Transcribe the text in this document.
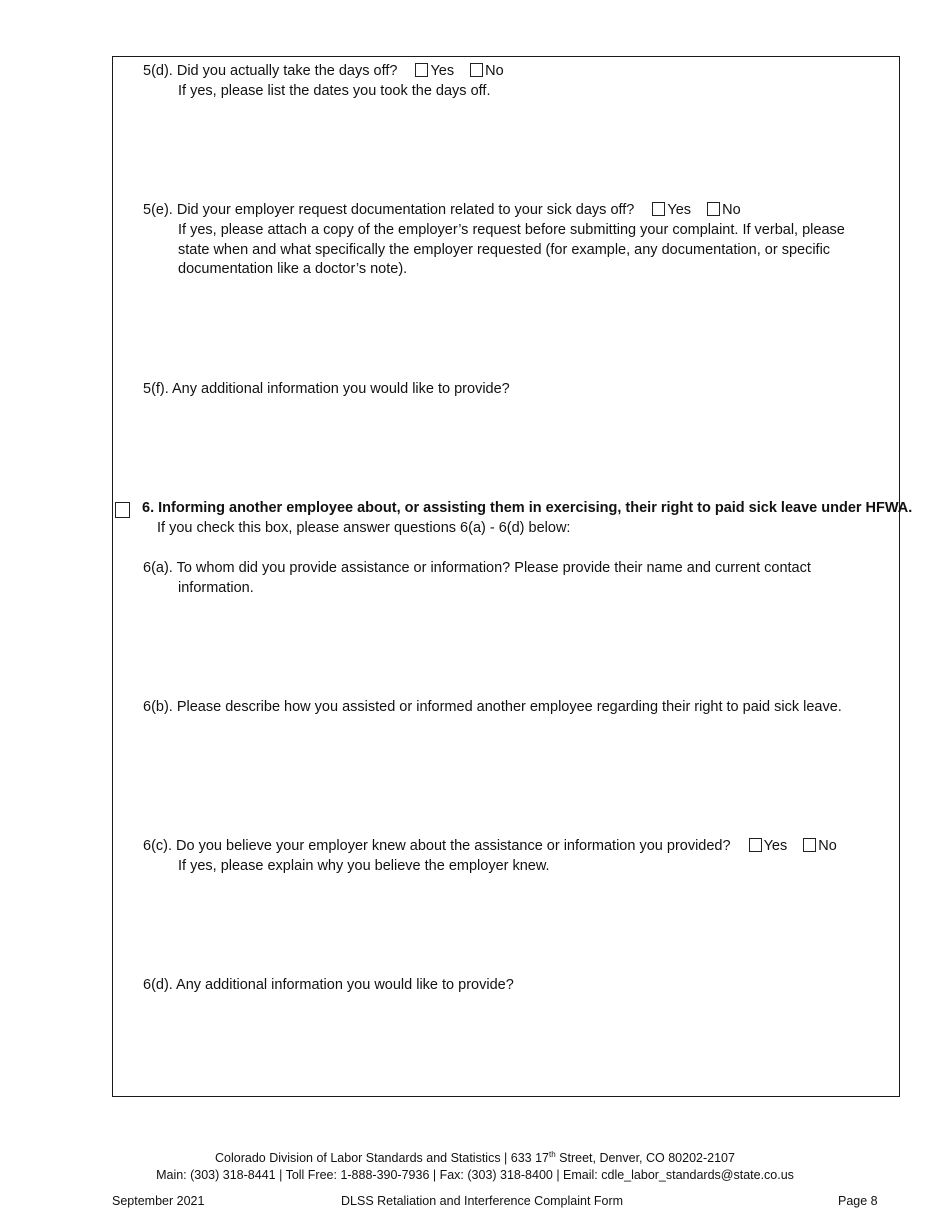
5(d). Did you actually take the days off? Yes No
If yes, please list the dates you took the days off.
5(e). Did your employer request documentation related to your sick days off? Yes No
If yes, please attach a copy of the employer’s request before submitting your complaint. If verbal, please state when and what specifically the employer requested (for example, any documentation, or specific documentation like a doctor’s note).
5(f). Any additional information you would like to provide?
6. Informing another employee about, or assisting them in exercising, their right to paid sick leave under HFWA.
If you check this box, please answer questions 6(a) - 6(d) below:
6(a). To whom did you provide assistance or information? Please provide their name and current contact
information.
6(b). Please describe how you assisted or informed another employee regarding their right to paid sick leave.
6(c). Do you believe your employer knew about the assistance or information you provided? Yes No
If yes, please explain why you believe the employer knew.
6(d). Any additional information you would like to provide?
Colorado Division of Labor Standards and Statistics | 633 17th Street, Denver, CO 80202-2107
Main: (303) 318-8441 | Toll Free: 1-888-390-7936 | Fax: (303) 318-8400 | Email: cdle_labor_standards@state.co.us
September 2021	DLSS Retaliation and Interference Complaint Form	Page 8
